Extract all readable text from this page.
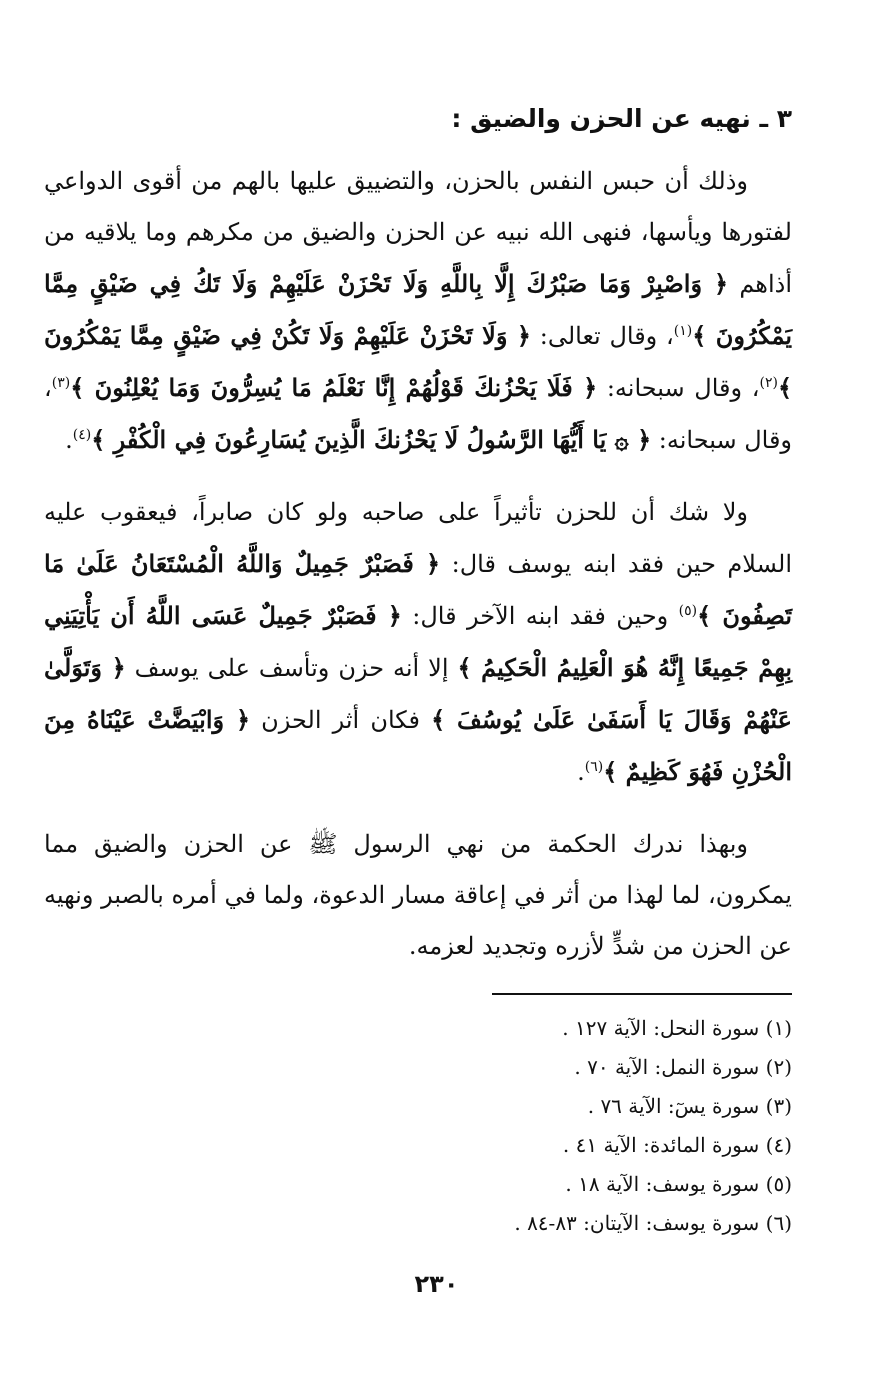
٣ ـ نهيه عن الحزن والضيق :

وذلك أن حبس النفس بالحزن، والتضييق عليها بالهم من أقوى الدواعي لفتورها ويأسها، فنهى الله نبيه عن الحزن والضيق من مكرهم وما يلاقيه من أذاهم ﴿ وَاصْبِرْ وَمَا صَبْرُكَ إِلَّا بِاللَّهِ وَلَا تَحْزَنْ عَلَيْهِمْ وَلَا تَكُ فِي ضَيْقٍ مِمَّا يَمْكُرُونَ ﴾$^{(١)}$، وقال تعالى: ﴿ وَلَا تَحْزَنْ عَلَيْهِمْ وَلَا تَكُنْ فِي ضَيْقٍ مِمَّا يَمْكُرُونَ ﴾$^{(٢)}$، وقال سبحانه: ﴿ فَلَا يَحْزُنكَ قَوْلُهُمْ إِنَّا نَعْلَمُ مَا يُسِرُّونَ وَمَا يُعْلِنُونَ ﴾$^{(٣)}$، وقال سبحانه: ﴿ ۞ يَا أَيُّهَا الرَّسُولُ لَا يَحْزُنكَ الَّذِينَ يُسَارِعُونَ فِي الْكُفْرِ ﴾$^{(٤)}$.

ولا شك أن للحزن تأثيراً على صاحبه ولو كان صابراً، فيعقوب عليه السلام حين فقد ابنه يوسف قال: ﴿ فَصَبْرٌ جَمِيلٌ وَاللَّهُ الْمُسْتَعَانُ عَلَىٰ مَا تَصِفُونَ ﴾$^{(٥)}$ وحين فقد ابنه الآخر قال: ﴿ فَصَبْرٌ جَمِيلٌ عَسَى اللَّهُ أَن يَأْتِيَنِي بِهِمْ جَمِيعًا إِنَّهُ هُوَ الْعَلِيمُ الْحَكِيمُ ﴾ إلا أنه حزن وتأسف على يوسف ﴿ وَتَوَلَّىٰ عَنْهُمْ وَقَالَ يَا أَسَفَىٰ عَلَىٰ يُوسُفَ ﴾ فكان أثر الحزن ﴿ وَابْيَضَّتْ عَيْنَاهُ مِنَ الْحُزْنِ فَهُوَ كَظِيمٌ ﴾$^{(٦)}$.

وبهذا ندرك الحكمة من نهي الرسول ﷺ عن الحزن والضيق مما يمكرون، لما لهذا من أثر في إعاقة مسار الدعوة، ولما في أمره بالصبر ونهيه عن الحزن من شدٍّ لأزره وتجديد لعزمه.

(١) سورة النحل: الآية ١٢٧ .
(٢) سورة النمل: الآية ٧٠ .
(٣) سورة يسٓ: الآية ٧٦ .
(٤) سورة المائدة: الآية ٤١ .
(٥) سورة يوسف: الآية ١٨ .
(٦) سورة يوسف: الآيتان: ٨٣-٨٤ .
٢٣٠
